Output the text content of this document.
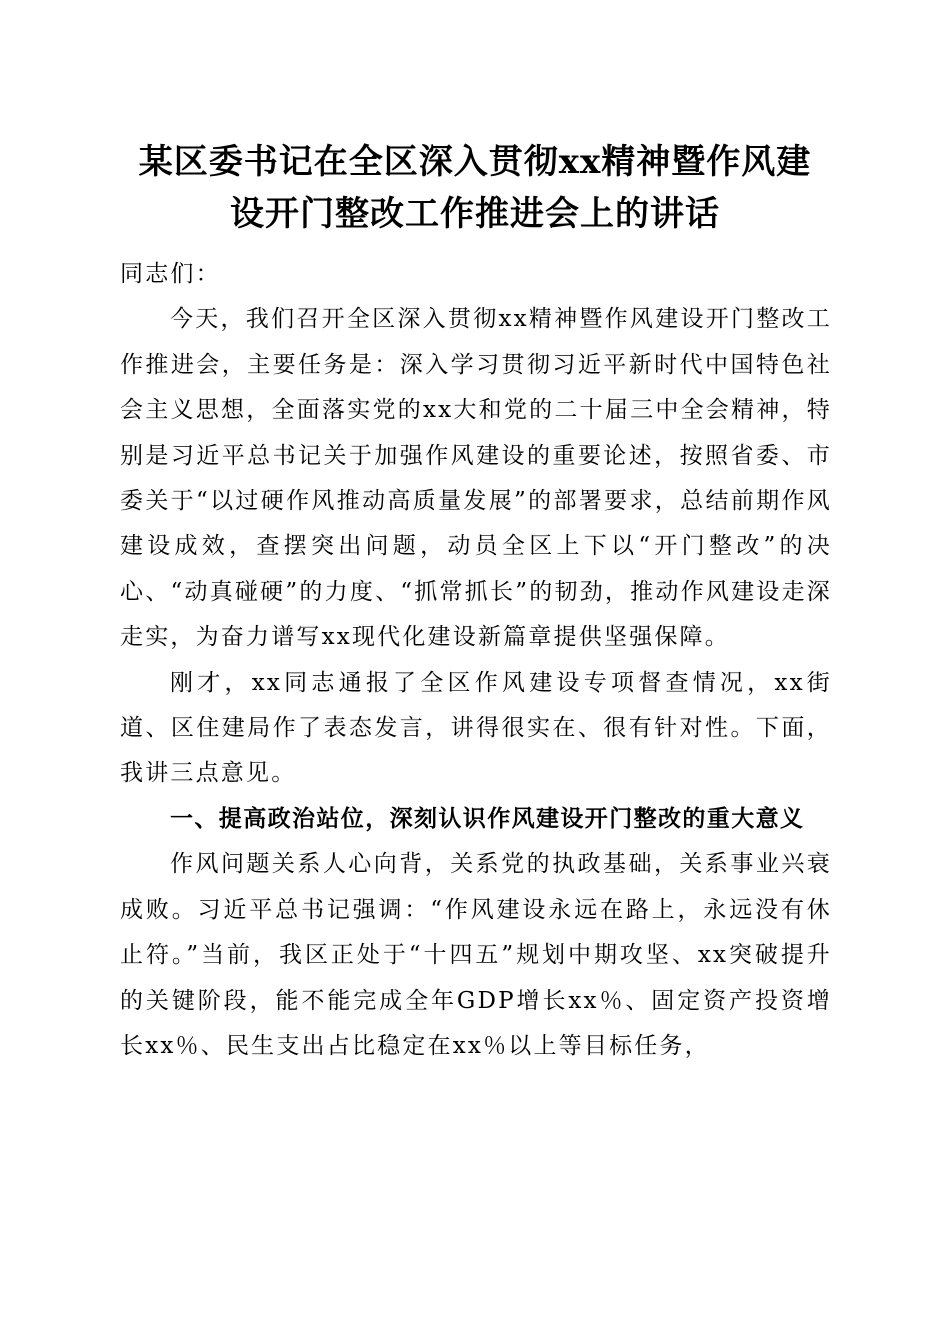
某区委书记在全区深入贯彻xx精神暨作风建
设开门整改工作推进会上的讲话

同志们：

今天，我们召开全区深入贯彻xx精神暨作风建设开门整改工作推进会，主要任务是：深入学习贯彻习近平新时代中国特色社会主义思想，全面落实党的xx大和党的二十届三中全会精神，特别是习近平总书记关于加强作风建设的重要论述，按照省委、市委关于“以过硬作风推动高质量发展”的部署要求，总结前期作风建设成效，查摆突出问题，动员全区上下以“开门整改”的决心、“动真碰硬”的力度、“抓常抓长”的韧劲，推动作风建设走深走实，为奋力谱写xx现代化建设新篇章提供坚强保障。

刚才，xx同志通报了全区作风建设专项督查情况，xx街道、区住建局作了表态发言，讲得很实在、很有针对性。下面，我讲三点意见。

一、提高政治站位，深刻认识作风建设开门整改的重大意义

作风问题关系人心向背，关系党的执政基础，关系事业兴衰成败。习近平总书记强调：“作风建设永远在路上，永远没有休止符。”当前，我区正处于“十四五”规划中期攻坚、xx突破提升的关键阶段，能不能完成全年GDP增长xx％、固定资产投资增长xx％、民生支出占比稳定在xx％以上等目标任务，
